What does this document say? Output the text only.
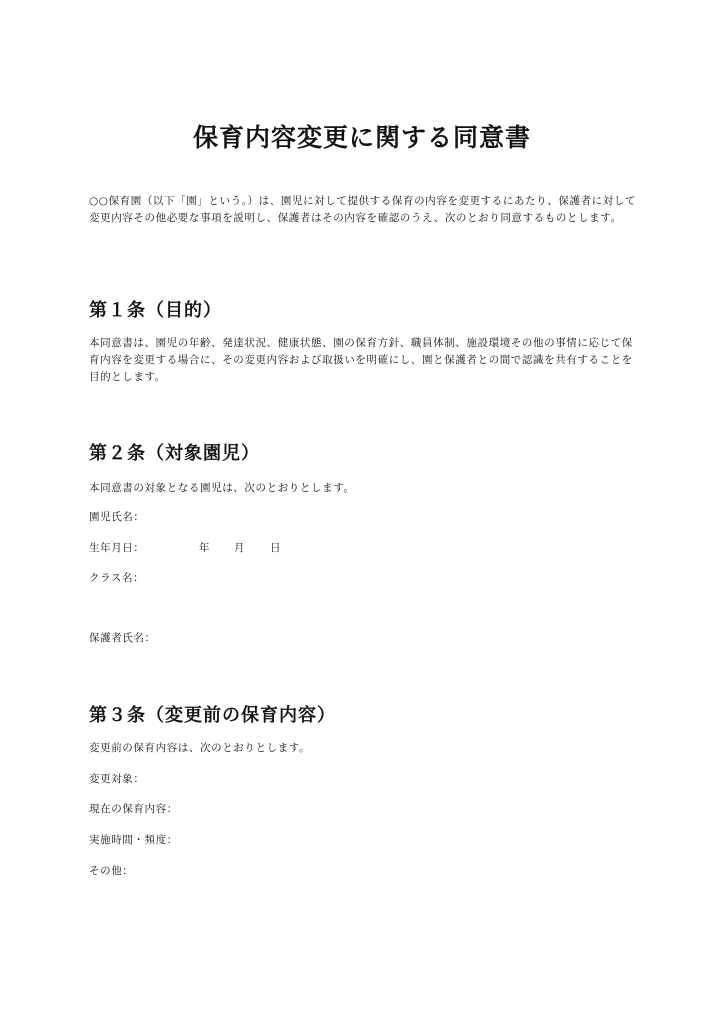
保育内容変更に関する同意書

○○保育園（以下「園」という。）は、園児に対して提供する保育の内容を変更するにあたり、保護者に対して変更内容その他必要な事項を説明し、保護者はその内容を確認のうえ、次のとおり同意するものとします。

第１条（目的）

本同意書は、園児の年齢、発達状況、健康状態、園の保育方針、職員体制、施設環境その他の事情に応じて保育内容を変更する場合に、その変更内容および取扱いを明確にし、園と保護者との間で認識を共有することを目的とします。

第２条（対象園児）

本同意書の対象となる園児は、次のとおりとします。

園児氏名：

生年月日：	年 月 日

クラス名：

保護者氏名：

第３条（変更前の保育内容）

変更前の保育内容は、次のとおりとします。

変更対象：

現在の保育内容：

実施時間・頻度：

その他：
